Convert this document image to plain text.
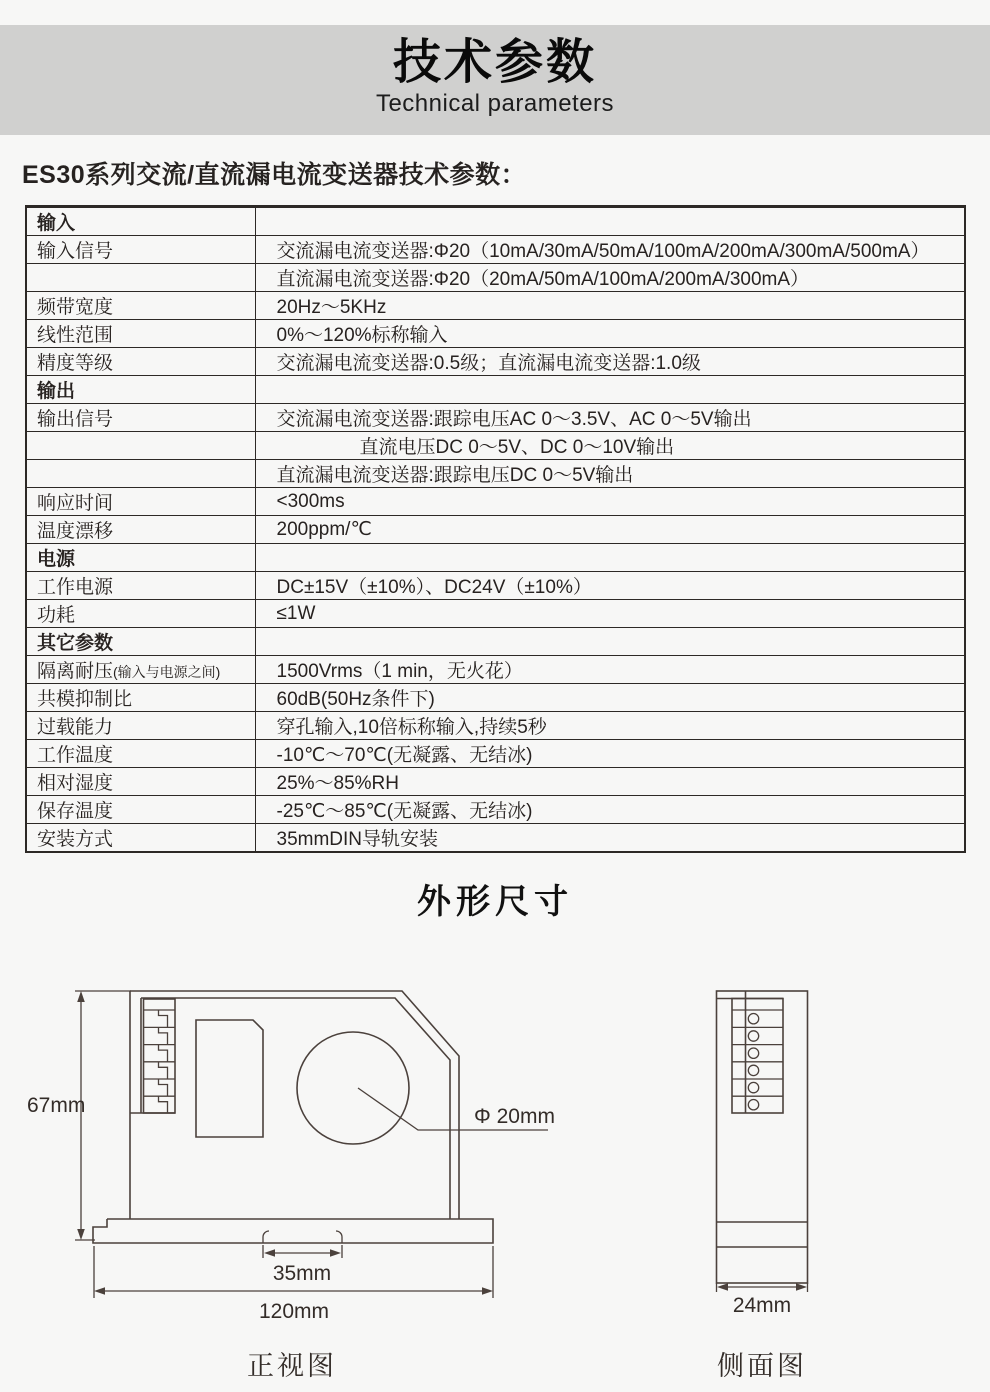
技术参数

Technical parameters

ES30系列交流/直流漏电流变送器技术参数：
输入	
输入信号	交流漏电流变送器:Φ20（10mA/30mA/50mA/100mA/200mA/300mA/500mA）
	直流漏电流变送器:Φ20（20mA/50mA/100mA/200mA/300mA）
频带宽度	20Hz～5KHz
线性范围	0%～120%标称输入
精度等级	交流漏电流变送器:0.5级；直流漏电流变送器:1.0级
输出	
输出信号	交流漏电流变送器:跟踪电压AC 0～3.5V、AC 0～5V输出
	直流电压DC 0～5V、DC 0～10V输出
	直流漏电流变送器:跟踪电压DC 0～5V输出
响应时间	<300ms
温度漂移	200ppm/℃
电源	
工作电源	DC±15V（±10%）、DC24V（±10%）
功耗	≤1W
其它参数	
隔离耐压(输入与电源之间)	1500Vrms（1 min，无火花）
共模抑制比	60dB(50Hz条件下)
过载能力	穿孔输入,10倍标称输入,持续5秒
工作温度	-10℃～70℃(无凝露、无结冰)
相对湿度	25%～85%RH
保存温度	-25℃～85℃(无凝露、无结冰)
安装方式	35mmDIN导轨安装
外形尺寸
67mm	Φ 20mm
35mm
120mm
正视图
24mm
侧面图
